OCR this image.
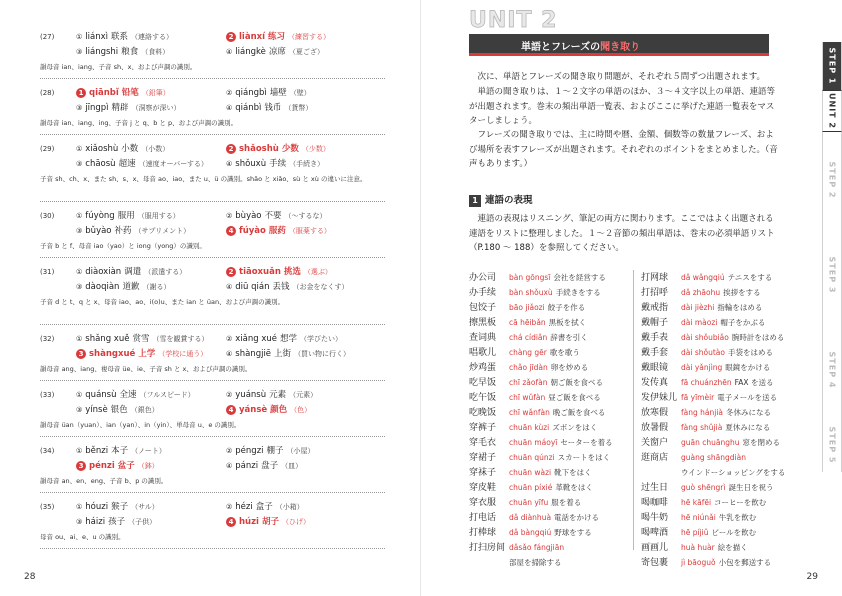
(27)	① liánxì 联系 （連絡する）	2 liànxí 练习 （練習する）
③ liángshi 粮食 （食料）	④ liángkè 凉席 （夏ござ）
韻母音 ian、iang、子音 sh、x、および声調の識別。
(28)	1 qiānbǐ 铅笔 （鉛筆）	② qiángbì 墙壁 （壁）
③ jīngpì 精辟 （洞察が深い）	④ qiánbì 钱币 （貨幣）
韻母音 ian、iang、ing、子音 j と q、b と p、および声調の識別。
(29)	① xiǎoshù 小数 （小数）	2 shǎoshù 少数 （少数）
③ chāosù 超速 （速度オーバーする）	④ shǒuxù 手续 （手続き）
子音 sh、ch、x、また sh、s、x、母音 ao、iao、また u、ü の識別。shǎo と xiǎo、sù と xù の違いに注意。
(30)	① fúyòng 服用 （服用する）	② bùyào 不要 （〜するな）
③ bǔyào 补药 （サプリメント）	4 fúyào 服药 （服薬する）
子音 b と f、母音 iao（yao）と iong（yong）の識別。
(31)	① diàoxiàn 调遣 （派遣する）	2 tiāoxuǎn 挑选 （選ぶ）
③ dàoqiàn 道歉 （謝る）	④ diū qián 丢钱 （お金をなくす）
子音 d と t、q と x、母音 iao、ao、i(o)u、また ian と üan、および声調の識別。
(32)	① shǎng xuě 赏雪 （雪を観賞する）	② xiǎng xué 想学 （学びたい）
3 shàngxué 上学 （学校に通う）	④ shàngjiē 上街 （買い物に行く）
韻母音 ang、iang、複母音 üe、ie、子音 sh と x、および声調の識別。
(33)	① quánsù 全速 （フルスピード）	② yuánsù 元素 （元素）
③ yínsè 银色 （銀色）	4 yánsè 颜色 （色）
韻母音 üan（yuan）、ian（yan）、in（yin）、単母音 u、e の識別。
(34)	① běnzi 本子 （ノート）	② péngzi 棚子 （小屋）
3 pénzi 盆子 （鉢）	④ pánzi 盘子 （皿）
韻母音 an、en、eng、子音 b、p の識別。
(35)	① hóuzi 猴子 （サル）	② hézi 盒子 （小箱）
③ háizi 孩子 （子供）	4 húzi 胡子 （ひげ）
母音 ou、ai、e、u の識別。
28
UNIT 2
単語とフレーズの聞き取り
次に、単語とフレーズの聞き取り問題が、それぞれ５問ずつ出題されます。
単語の聞き取りは、１～２文字の単語のほか、３～４文字以上の単語、連語等が出題されます。巻末の頻出単語一覧表、およびここに挙げた連語一覧表をマスターしましょう。
フレーズの聞き取りでは、主に時間や暦、金額、個数等の数量フレーズ、および場所を表すフレーズが出題されます。それぞれのポイントをまとめました。（音声もあります。）
1 連語の表現
連語の表現はリスニング、筆記の両方に関わります。ここではよく出題される連語をリストに整理しました。１～２音節の頻出単語は、巻末の必須単語リスト（P.180 ～ 188）を参照してください。
办公司 bàn gōngsī 会社を経営する
办手续 bàn shǒuxù 手続きをする
包饺子 bāo jiǎozi 餃子を作る
擦黑板 cā hēibǎn 黒板を拭く
查词典 chá cídiǎn 辞書を引く
唱歌儿 chàng gēr 歌を歌う
炒鸡蛋 chǎo jīdàn 卵を炒める
吃早饭 chī zǎofàn 朝ご飯を食べる
吃午饭 chī wǔfàn 昼ご飯を食べる
吃晚饭 chī wǎnfàn 晩ご飯を食べる
穿裤子 chuān kùzi ズボンをはく
穿毛衣 chuān máoyī セーターを着る
穿裙子 chuān qúnzi スカートをはく
穿袜子 chuān wàzi 靴下をはく
穿皮鞋 chuān píxié 革靴をはく
穿衣服 chuān yīfu 服を着る
打电话 dǎ diànhuà 電話をかける
打棒球 dǎ bàngqiú 野球をする
打扫房间 dǎsǎo fángjiān
部屋を掃除する
打网球 dǎ wǎngqiú テニスをする
打招呼 dǎ zhāohu 挨拶をする
戴戒指 dài jièzhi 指輪をはめる
戴帽子 dài màozi 帽子をかぶる
戴手表 dài shǒubiǎo 腕時計をはめる
戴手套 dài shǒutào 手袋をはめる
戴眼镜 dài yǎnjìng 眼鏡をかける
发传真 fā chuánzhēn FAX を送る
发伊妹儿 fā yīmèir 電子メールを送る
放寒假 fàng hánjià 冬休みになる
放暑假 fàng shǔjià 夏休みになる
关窗户 guān chuānghu 窓を閉める
逛商店 guàng shāngdiàn
ウインドーショッピングをする
过生日 guò shēngrì 誕生日を祝う
喝咖啡 hē kāfēi コーヒーを飲む
喝牛奶 hē niúnǎi 牛乳を飲む
喝啤酒 hē píjiǔ ビールを飲む
画画儿 huà huàr 絵を描く
寄包裹 jì bāoguǒ 小包を郵送する
STEP 1
UNIT 2
STEP 2
STEP 3
STEP 4
STEP 5
29
